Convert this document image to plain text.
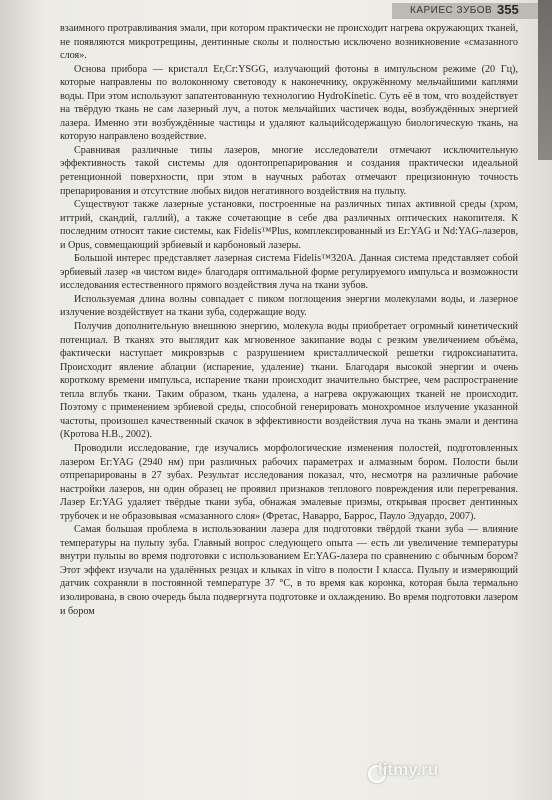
КАРИЕС ЗУБОВ 355

взаимного протравливания эмали, при котором практически не происходит нагрева окружающих тканей, не появляются микротрещины, дентинные сколы и полностью исключено возникновение «смазанного слоя».

Основа прибора — кристалл Er,Cr:YSGG, излучающий фотоны в импульсном режиме (20 Гц), которые направлены по волоконному световоду к наконечнику, окружённому мельчайшими каплями воды. При этом используют запатентованную технологию HydroKinetic. Суть её в том, что воздействует на твёрдую ткань не сам лазерный луч, а поток мельчайших частичек воды, возбуждённых энергией лазера. Именно эти возбуждённые частицы и удаляют кальцийсодержащую биологическую ткань, на которую направлено воздействие.

Сравнивая различные типы лазеров, многие исследователи отмечают исключительную эффективность такой системы для одонтопрепарирования и создания практически идеальной ретенционной поверхности, при этом в научных работах отмечают прецизионную точность препарирования и отсутствие любых видов негативного воздействия на пульпу.

Существуют также лазерные установки, построенные на различных типах активной среды (хром, иттрий, скандий, галлий), а также сочетающие в себе два различных оптических накопителя. К последним относят такие системы, как Fidelis™Plus, комплексированный из Er:YAG и Nd:YAG-лазеров, и Opus, совмещающий эрбиевый и карбоновый лазеры.

Большой интерес представляет лазерная система Fidelis™320A. Данная система представляет собой эрбиевый лазер «в чистом виде» благодаря оптимальной форме регулируемого импульса и возможности исследования естественного прямого воздействия луча на ткани зубов.

Используемая длина волны совпадает с пиком поглощения энергии молекулами воды, и лазерное излучение воздействует на ткани зуба, содержащие воду.

Получив дополнительную внешнюю энергию, молекула воды приобретает огромный кинетический потенциал. В тканях это выглядит как мгновенное закипание воды с резким увеличением объёма, фактически наступает микровзрыв с разрушением кристаллической решетки гидроксиапатита. Происходит явление аблации (испарение, удаление) ткани. Благодаря высокой энергии и очень короткому времени импульса, испарение ткани происходит значительно быстрее, чем распространение тепла вглубь ткани. Таким образом, ткань удалена, а нагрева окружающих тканей не происходит. Поэтому с применением эрбиевой среды, способной генерировать монохромное излучение указанной частоты, произошел качественный скачок в эффективности воздействия луча на ткань эмали и дентина (Кротова Н.В., 2002).

Проводили исследование, где изучались морфологические изменения полостей, подготовленных лазером Er:YAG (2940 нм) при различных рабочих параметрах и алмазным бором. Полости были отпрепарированы в 27 зубах. Результат исследования показал, что, несмотря на различные рабочие настройки лазеров, ни один образец не проявил признаков теплового повреждения или перегревания. Лазер Er:YAG удаляет твёрдые ткани зуба, обнажая эмалевые призмы, открывая просвет дентинных трубочек и не образовывая «смазанного слоя» (Фретас, Наварро, Баррос, Пауло Эдуардо, 2007).

Самая большая проблема в использовании лазера для подготовки твёрдой ткани зуба — влияние температуры на пульпу зуба. Главный вопрос следующего опыта — есть ли увеличение температуры внутри пульпы во время подготовки с использованием Er:YAG-лазера по сравнению с обычным бором? Этот эффект изучали на удалённых резцах и клыках in vitro в полости I класса. Пульпу и измеряющий датчик сохраняли в постоянной температуре 37 °C, в то время как коронка, которая была термально изолирована, в свою очередь была подвергнута подготовке и охлаждению. Во время подготовки лазером и бором

litmy.ru
